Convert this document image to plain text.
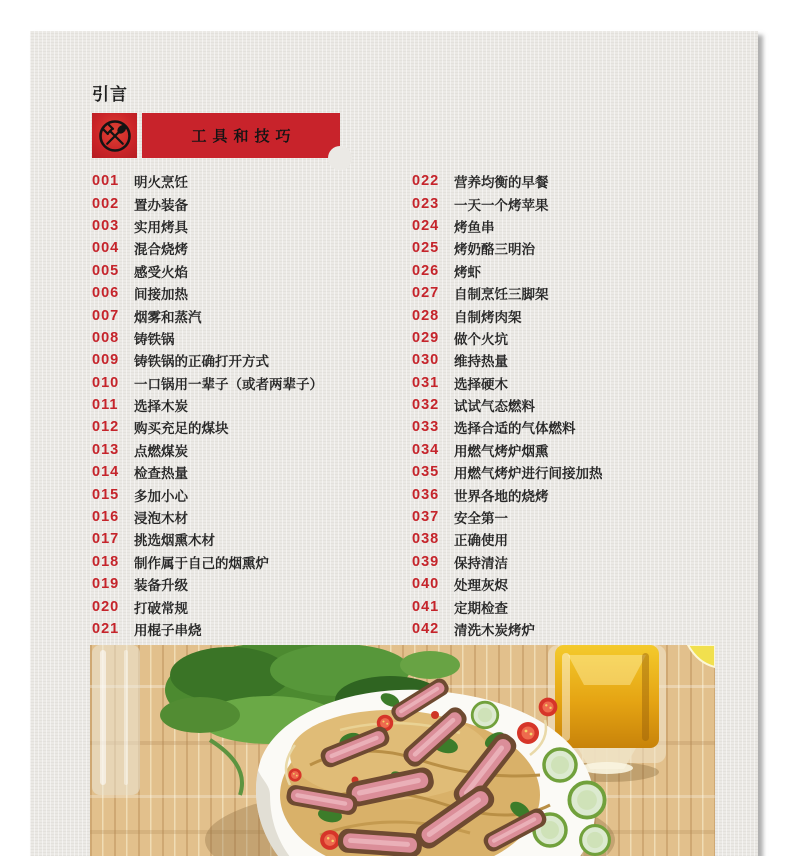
引言
工具和技巧
001	明火烹饪
002	置办装备
003	实用烤具
004	混合烧烤
005	感受火焰
006	间接加热
007	烟雾和蒸汽
008	铸铁锅
009	铸铁锅的正确打开方式
010	一口锅用一辈子（或者两辈子）
011	选择木炭
012	购买充足的煤块
013	点燃煤炭
014	检查热量
015	多加小心
016	浸泡木材
017	挑选烟熏木材
018	制作属于自己的烟熏炉
019	装备升级
020	打破常规
021	用棍子串烧
022	营养均衡的早餐
023	一天一个烤苹果
024	烤鱼串
025	烤奶酪三明治
026	烤虾
027	自制烹饪三脚架
028	自制烤肉架
029	做个火坑
030	维持热量
031	选择硬木
032	试试气态燃料
033	选择合适的气体燃料
034	用燃气烤炉烟熏
035	用燃气烤炉进行间接加热
036	世界各地的烧烤
037	安全第一
038	正确使用
039	保持清洁
040	处理灰烬
041	定期检查
042	清洗木炭烤炉
